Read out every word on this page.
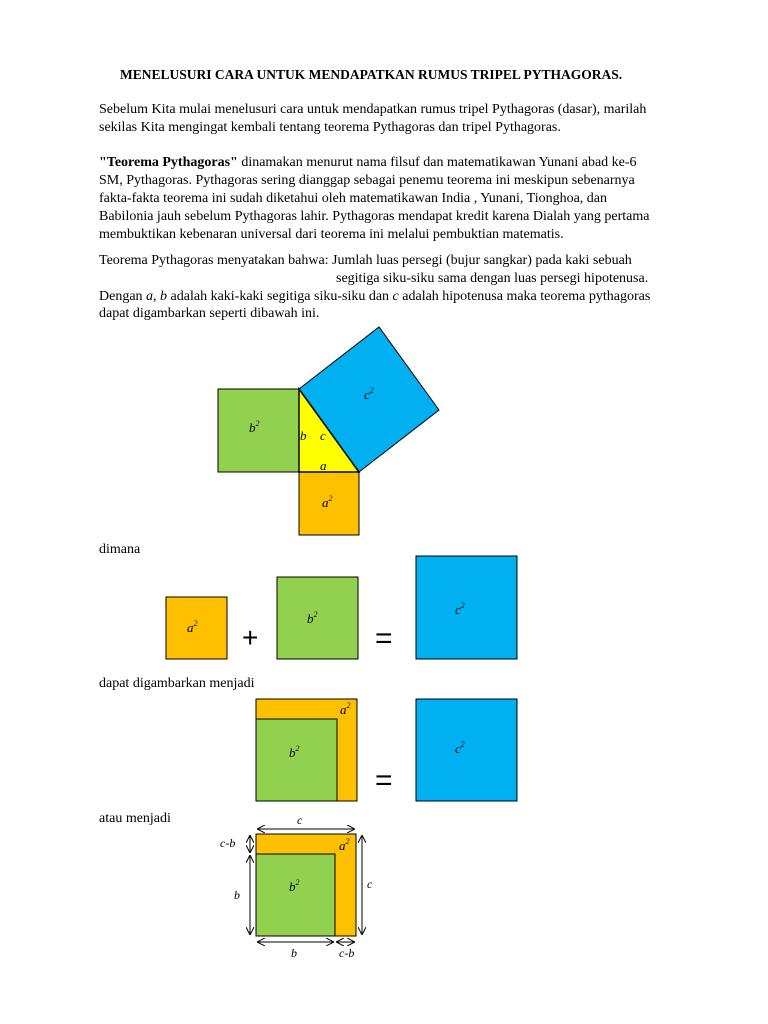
MENELUSURI CARA UNTUK MENDAPATKAN RUMUS TRIPEL PYTHAGORAS.
Sebelum Kita mulai menelusuri cara untuk mendapatkan rumus tripel Pythagoras (dasar), marilah
sekilas Kita mengingat kembali tentang teorema Pythagoras dan tripel Pythagoras.
"Teorema Pythagoras" dinamakan menurut nama filsuf dan matematikawan Yunani abad ke-6
SM, Pythagoras. Pythagoras sering dianggap sebagai penemu teorema ini meskipun sebenarnya
fakta-fakta teorema ini sudah diketahui oleh matematikawan India , Yunani, Tionghoa, dan
Babilonia jauh sebelum Pythagoras lahir. Pythagoras mendapat kredit karena Dialah yang pertama
membuktikan kebenaran universal dari teorema ini melalui pembuktian matematis.
Teorema Pythagoras menyatakan bahwa: Jumlah luas persegi (bujur sangkar) pada kaki sebuah
segitiga siku-siku sama dengan luas persegi hipotenusa.
Dengan a, b adalah kaki-kaki segitiga siku-siku dan c adalah hipotenusa maka teorema pythagoras
dapat digambarkan seperti dibawah ini.
dimana
dapat digambarkan menjadi
atau menjadi
$b^2$
$c^2$
$a^2$
b c
a
$a^2$ +
$b^2$
=
$c^2$
$a^2$
$b^2$
=
$c^2$
$a^2$
$b^2$
c
c
c-b
b
b	c-b
